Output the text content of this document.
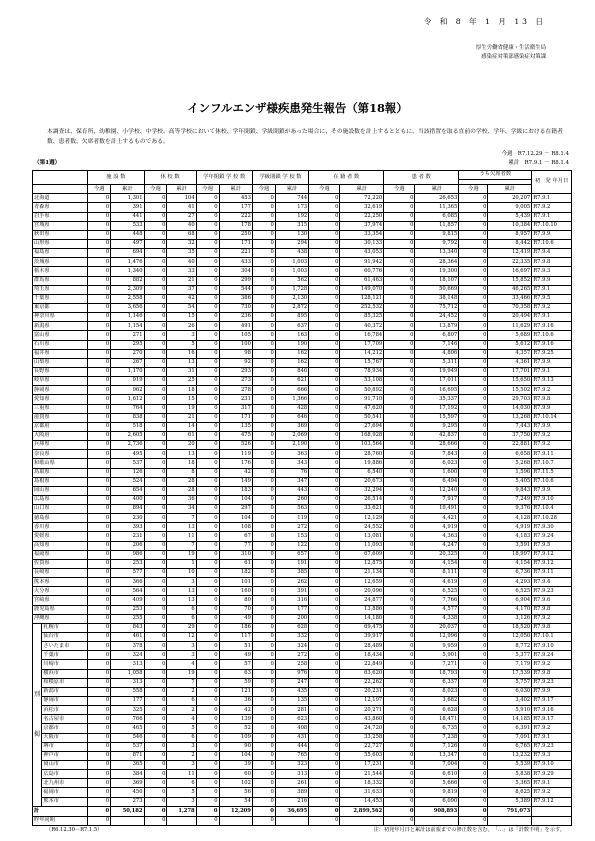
令 和 8 年 1 月 13 日
厚生労働省健康・生活衛生局
感染症対策部感染症対策課
インフルエンザ様疾患発生報告（第18報）
本調査は、保育所、幼稚園、小学校、中学校、高等学校において休校、学年閉鎖、学級閉鎖があった場合に、その施設数を計上するとともに、当該措置を取る直前の学校、学年、学級における在籍者数、患者数、欠席者数を計上するものである。
今週　R7.12.29 － R8.1.4
累計　R7.9.1 － R8.1.4
（第1週）
		施 設 数		休 校 数		学年閉鎖 学 校 数		学級閉鎖 学 校 数		在 籍 者 数		患 者 数		うち欠席者数		初　発 年月日

		今週	累計	今週	累計	今週	累計	今週	累計	今週	累計	今週	累計	今週	累計	
北海道		0	1,301	0	104	0	453	0	744	0	72,220	0	26,653	0	20,207	R7.9.1
青森県		0	391	0	41	0	177	0	173	0	32,619	0	11,365	0	9,005	R7.9.2
岩手県		0	441	0	27	0	222	0	192	0	22,250	0	6,085	0	5,439	R7.9.1
宮城県		0	533	0	40	0	178	0	315	0	37,974	0	11,857	0	10,384	R7.10.10
秋田県		0	448	0	68	0	250	0	130	0	33,354	0	9,815	0	8,957	R7.9.9
山形県		0	497	0	32	0	171	0	294	0	30,133	0	9,792	0	8,442	R7.10.6
福島県		0	694	0	35	0	221	0	438	0	43,053	0	13,340	0	12,419	R7.9.4
茨城県		0	1,476	0	40	0	433	0	1,003	0	91,942	0	28,364	0	22,335	R7.9.8
栃木県		0	1,340	0	33	0	304	0	1,003	0	60,776	0	19,300	0	16,697	R7.9.3
群馬県		0	882	0	21	0	299	0	562	0	61,463	0	18,107	0	15,852	R7.9.9
埼玉県		0	2,309	0	37	0	544	0	1,728	0	149,070	0	50,669	0	46,265	R7.9.1
千葉県		0	2,558	0	42	0	386	0	2,130	0	128,121	0	38,148	0	33,466	R7.9.5
東京都		0	3,656	0	54	0	730	0	2,872	0	252,532	0	75,712	0	70,358	R7.9.2
神奈川県		0	1,146	0	15	0	236	0	895	0	85,325	0	24,452	0	20,494	R7.9.1
新潟県		0	1,154	0	26	0	491	0	637	0	40,372	0	13,879	0	11,629	R7.9.16
富山県		0	271	0	3	0	105	0	163	0	16,784	0	6,807	0	5,689	R7.10.6
石川県		0	295	0	5	0	100	0	190	0	17,709	0	7,146	0	5,612	R7.9.16
福井県		0	270	0	16	0	98	0	162	0	14,212	0	4,806	0	4,357	R7.9.25
山梨県		0	267	0	13	0	92	0	162	0	15,767	0	5,311	0	4,361	R7.9.9
長野県		0	1,170	0	31	0	293	0	846	0	78,934	0	19,949	0	17,701	R7.9.1
岐阜県		0	919	0	25	0	273	0	621	0	53,108	0	17,011	0	15,650	R7.9.13
静岡県		0	962	0	18	0	278	0	666	0	50,892	0	16,695	0	15,502	R7.9.2
愛知県		0	1,612	0	15	0	231	0	1,366	0	91,710	0	35,337	0	29,703	R7.9.8
三重県		0	764	0	19	0	317	0	428	0	47,620	0	17,192	0	14,030	R7.9.9
滋賀県		0	838	0	21	0	171	0	646	0	50,541	0	15,597	0	13,268	R7.10.14
京都府		0	518	0	14	0	135	0	369	0	27,694	0	9,295	0	7,443	R7.9.9
大阪府		0	2,605	0	61	0	475	0	2,069	0	168,928	0	42,837	0	37,750	R7.9.2
兵庫県		0	2,736	0	20	0	526	0	2,190	0	103,564	0	28,666	0	22,881	R7.9.2
奈良県		0	495	0	13	0	119	0	363	0	28,760	0	7,843	0	6,658	R7.9.11
和歌山県		0	537	0	18	0	176	0	343	0	19,886	0	6,023	0	5,268	R7.10.7
鳥取県		0	126	0	8	0	42	0	76	0	6,540	0	1,600	0	1,596	R7.11.5
島根県		0	524	0	28	0	149	0	347	0	20,673	0	6,494	0	5,405	R7.10.6
岡山県		0	654	0	28	0	183	0	443	0	32,294	0	12,240	0	9,843	R7.9.9
広島県		0	400	0	36	0	104	0	260	0	26,514	0	7,917	0	7,249	R7.9.10
山口県		0	894	0	34	0	297	0	563	0	33,621	0	10,491	0	9,376	R7.10.4
徳島県		0	230	0	7	0	104	0	119	0	12,129	0	4,421	0	4,128	R7.10.28
香川県		0	393	0	13	0	108	0	272	0	24,552	0	4,919	0	4,919	R7.9.30
愛媛県		0	231	0	11	0	67	0	153	0	13,081	0	4,363	0	4,183	R7.9.24
高知県		0	206	0	7	0	77	0	122	0	11,093	0	4,247	0	3,591	R7.9.5
福岡県		0	986	0	19	0	310	0	657	0	67,609	0	20,325	0	18,997	R7.9.12
佐賀県		0	253	0	1	0	61	0	191	0	12,875	0	4,154	0	4,154	R7.9.12
長崎県		0	577	0	10	0	182	0	385	0	21,134	0	8,111	0	6,736	R7.9.11
熊本県		0	366	0	3	0	101	0	262	0	12,659	0	4,619	0	4,293	R7.9.4
大分県		0	564	0	13	0	160	0	391	0	20,096	0	6,525	0	6,525	R7.9.23
宮崎県		0	409	0	13	0	80	0	316	0	24,877	0	7,766	0	6,904	R7.9.6
鹿児島県		0	253	0	6	0	70	0	177	0	13,886	0	4,577	0	4,170	R7.9.8
沖縄県		0	255	0	6	0	49	0	200	0	14,180	0	4,338	0	3,126	R7.9.2
別掲	札幌市	0	843	0	29	0	186	0	628	0	69,475	0	20,037	0	18,520	R7.9.8
	仙台市	0	461	0	12	0	117	0	332	0	39,917	0	12,996	0	12,050	R7.10.1
	さいたま市	0	378	0	3	0	51	0	324	0	28,489	0	9,959	0	8,772	R7.9.10
	千葉市	0	324	0	3	0	49	0	272	0	18,434	0	5,901	0	5,377	R7.9.24
	川崎市	0	313	0	4	0	57	0	258	0	22,849	0	7,271	0	7,179	R7.9.2
	横浜市	0	1,058	0	19	0	63	0	976	0	63,620	0	18,793	0	17,539	R7.9.8
	相模原市	0	313	0	7	0	59	0	247	0	22,262	0	6,337	0	5,757	R7.9.23
	新潟市	0	558	0	2	0	121	0	435	0	20,231	0	8,023	0	6,030	R7.9.9
	静岡市	0	177	0	6	0	36	0	135	0	12,197	0	3,682	0	3,402	R7.9.17
	浜松市	0	325	0	2	0	42	0	281	0	20,271	0	6,628	0	5,910	R7.9.16
	名古屋市	0	766	0	4	0	139	0	623	0	43,860	0	18,471	0	14,185	R7.9.17
	京都市	0	465	0	5	0	52	0	408	0	24,720	0	6,735	0	6,391	R7.9.2
	大阪市	0	546	0	6	0	109	0	431	0	33,258	0	7,238	0	7,091	R7.9.1
	堺市	0	537	0	3	0	90	0	444	0	22,727	0	7,126	0	6,765	R7.9.23
	神戸市	0	871	0	2	0	104	0	765	0	55,603	0	13,347	0	13,232	R7.9.3
	岡山市	0	365	0	3	0	39	0	323	0	17,231	0	7,004	0	5,539	R7.9.10
	広島市	0	384	0	11	0	60	0	313	0	21,544	0	6,610	0	5,838	R7.9.29
	北九州市	0	369	0	6	0	102	0	261	0	18,332	0	5,666	0	5,365	R7.9.1
	福岡市	0	450	0	5	0	56	0	389	0	31,633	0	9,819	0	8,625	R7.9.2
	熊本市	0	273	0	3	0	54	0	216	0	14,453	0	6,090	0	5,389	R7.9.12
計		0	50,182	0	1,278	0	12,209	0	36,695	0	2,899,562	0	908,893	0	791,073	
昨年同期		0		0		0		0		0		0		0		
（R6.12.30－R7.1.5）	注：初発年月日と累計は前報までの修正数を含む。　「…」は「計数不明」を示す。
